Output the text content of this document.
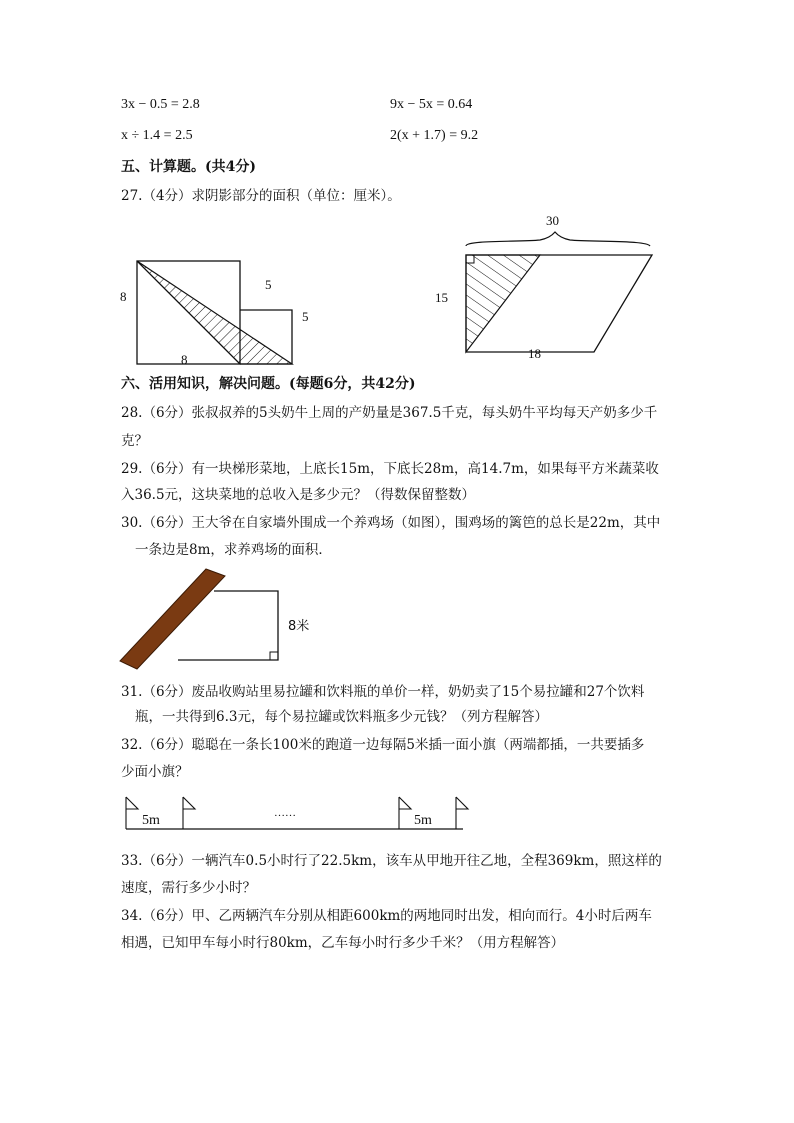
3x − 0.5 = 2.8	9x − 5x = 0.64
x ÷ 1.4 = 2.5	2(x + 1.7) = 9.2
五、计算题。(共4分)
27.（4分）求阴影部分的面积（单位：厘米）。
8
5
5
8
30
15
18
六、活用知识，解决问题。(每题6分，共42分)
28.（6分）张叔叔养的5头奶牛上周的产奶量是367.5千克，每头奶牛平均每天产奶多少千
克？
29.（6分）有一块梯形菜地，上底长15m，下底长28m，高14.7m，如果每平方米蔬菜收
入36.5元，这块菜地的总收入是多少元？（得数保留整数）
30.（6分）王大爷在自家墙外围成一个养鸡场（如图），围鸡场的篱笆的总长是22m，其中
一条边是8m，求养鸡场的面积．
8米
31.（6分）废品收购站里易拉罐和饮料瓶的单价一样，奶奶卖了15个易拉罐和27个饮料
瓶，一共得到6.3元，每个易拉罐或饮料瓶多少元钱？（列方程解答）
32.（6分）聪聪在一条长100米的跑道一边每隔5米插一面小旗（两端都插，一共要插多
少面小旗？
5m	……	5m
33.（6分）一辆汽车0.5小时行了22.5km，该车从甲地开往乙地，全程369km，照这样的
速度，需行多少小时？
34.（6分）甲、乙两辆汽车分别从相距600km的两地同时出发，相向而行。4小时后两车
相遇，已知甲车每小时行80km，乙车每小时行多少千米？（用方程解答）
